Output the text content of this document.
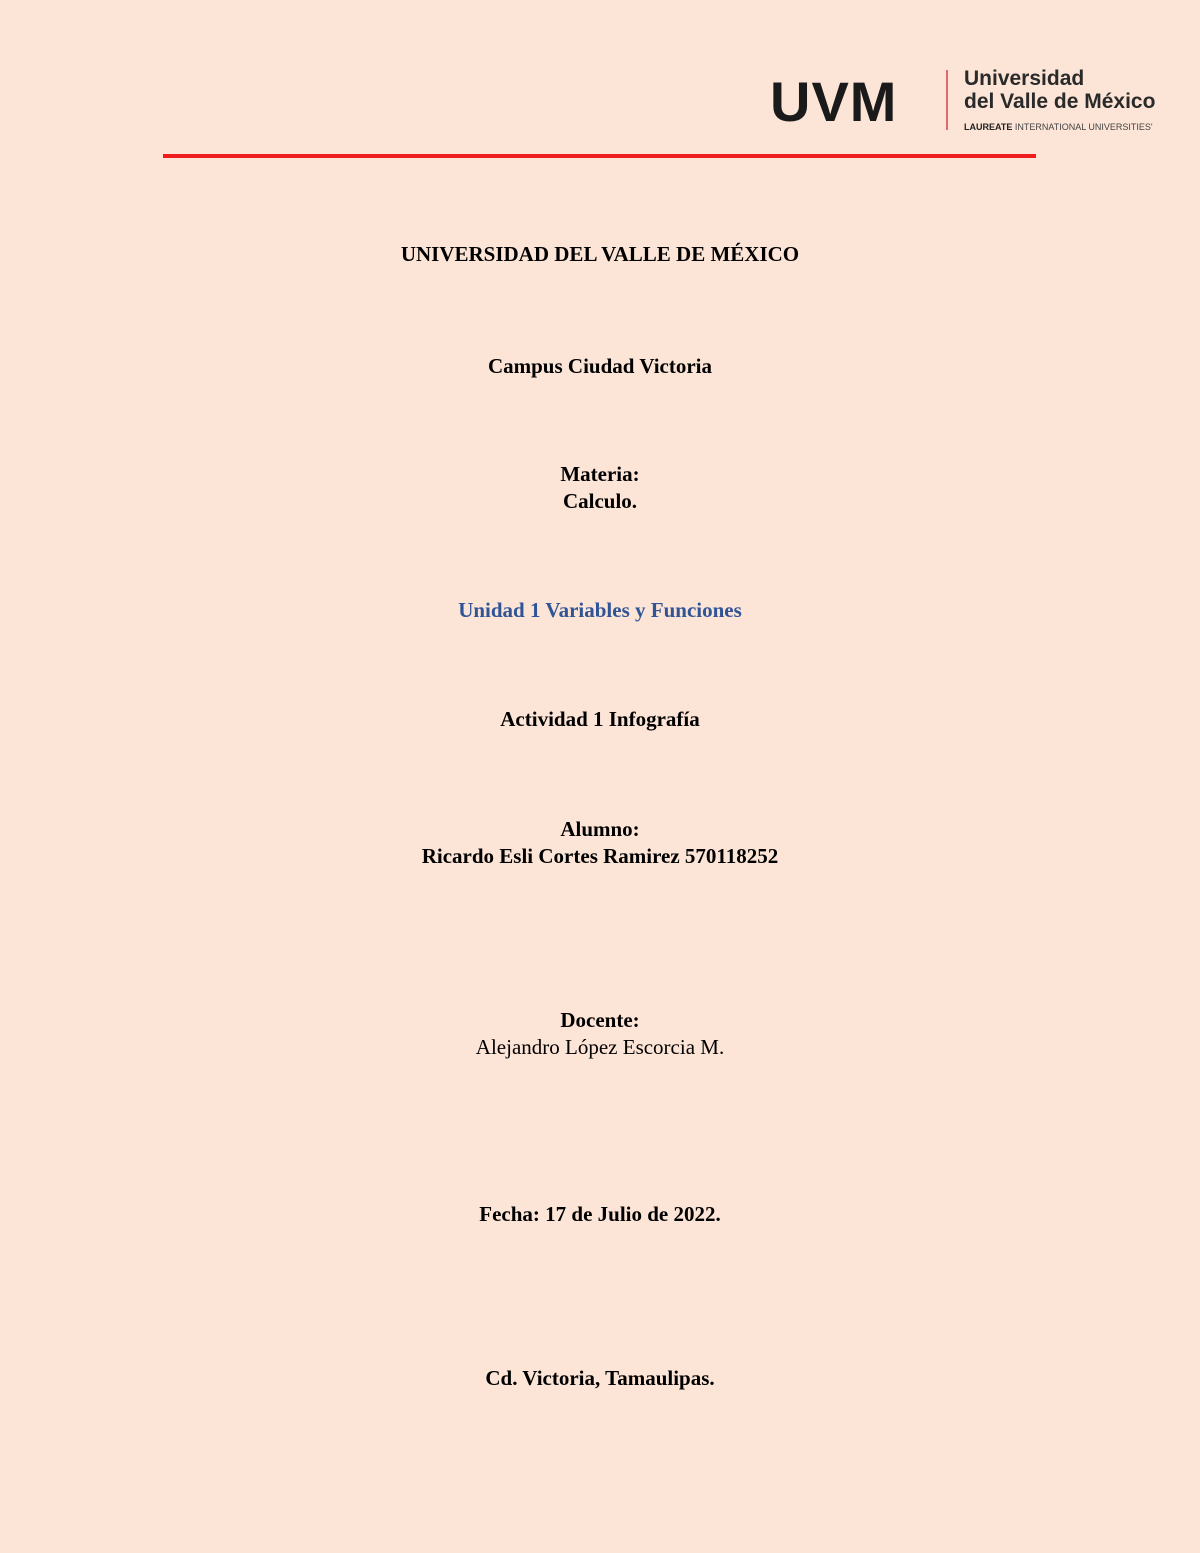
UVM	Universidad
del Valle de México
LAUREATE INTERNATIONAL UNIVERSITIES'
UNIVERSIDAD DEL VALLE DE MÉXICO
Campus Ciudad Victoria
Materia:
Calculo.
Unidad 1 Variables y Funciones
Actividad 1 Infografía
Alumno:
Ricardo Esli Cortes Ramirez 570118252
Docente:
Alejandro López Escorcia M.
Fecha: 17 de Julio de 2022.
Cd. Victoria, Tamaulipas.
